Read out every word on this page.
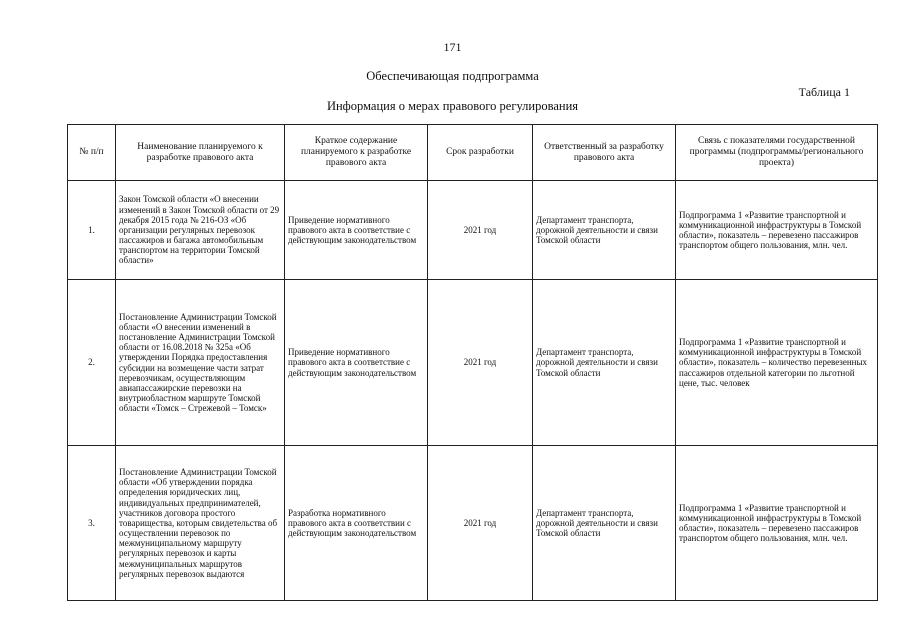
171
Обеспечивающая подпрограмма
Таблица 1
Информация о мерах правового регулирования
№ п/п	Наименование планируемого к разработке правового акта	Краткое содержание планируемого к разработке правового акта	Срок разработки	Ответственный за разработку правового акта	Связь с показателями государственной программы (подпрограммы/регионального проекта)
1.	Закон Томской области «О внесении изменений в Закон Томской области от 29 декабря 2015 года № 216-ОЗ «Об организации регулярных перевозок пассажиров и багажа автомобильным транспортом на территории Томской области»	Приведение нормативного правового акта в соответствие с действующим законодательством	2021 год	Департамент транспорта, дорожной деятельности и связи Томской области	Подпрограмма 1 «Развитие транспортной и коммуникационной инфраструктуры в Томской области», показатель – перевезено пассажиров транспортом общего пользования, млн. чел.
2.	Постановление Администрации Томской области «О внесении изменений в постановление Администрации Томской области от 16.08.2018 № 325а «Об утверждении Порядка предоставления субсидии на возмещение части затрат перевозчикам, осуществляющим авиапассажирские перевозки на внутриобластном маршруте Томской области «Томск – Стрежевой – Томск»	Приведение нормативного правового акта в соответствие с действующим законодательством	2021 год	Департамент транспорта, дорожной деятельности и связи Томской области	Подпрограмма 1 «Развитие транспортной и коммуникационной инфраструктуры в Томской области», показатель – количество перевезенных пассажиров отдельной категории по льготной цене, тыс. человек
3.	Постановление Администрации Томской области «Об утверждении порядка определения юридических лиц, индивидуальных предпринимателей, участников договора простого товарищества, которым свидетельства об осуществлении перевозок по межмуниципальному маршруту регулярных перевозок и карты межмуниципальных маршрутов регулярных перевозок выдаются	Разработка нормативного правового акта в соответствии с действующим законодательством	2021 год	Департамент транспорта, дорожной деятельности и связи Томской области	Подпрограмма 1 «Развитие транспортной и коммуникационной инфраструктуры в Томской области», показатель – перевезено пассажиров транспортом общего пользования, млн. чел.
